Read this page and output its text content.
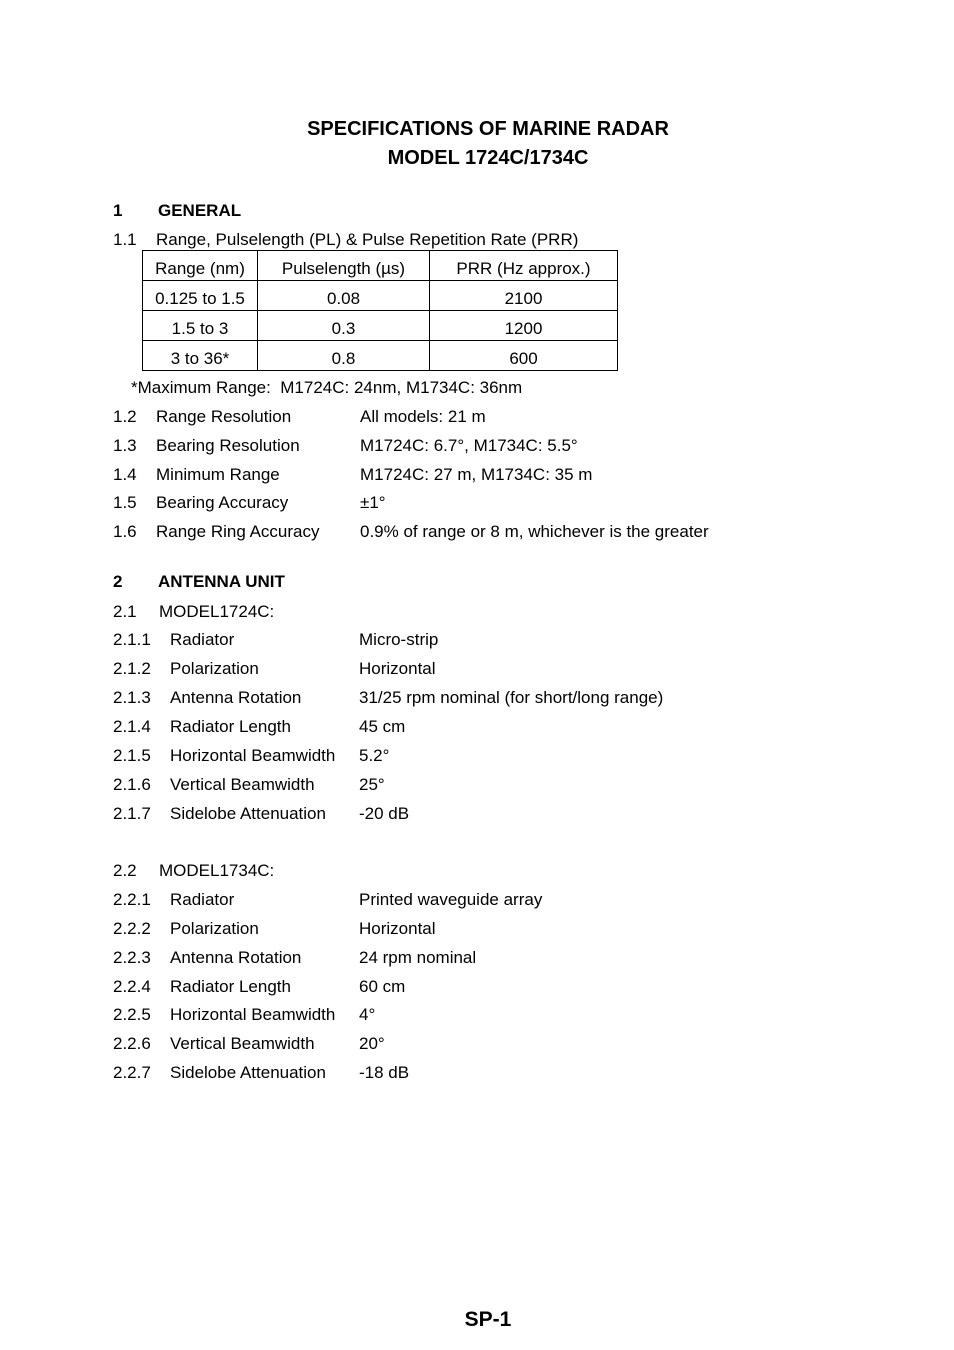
SPECIFICATIONS OF MARINE RADAR
MODEL 1724C/1734C
1 GENERAL
1.1 Range, Pulselength (PL) & Pulse Repetition Rate (PRR)
Range (nm)	Pulselength (µs)	PRR (Hz approx.)
0.125 to 1.5	0.08	2100
1.5 to 3	0.3	1200
3 to 36*	0.8	600
*Maximum Range:  M1724C: 24nm, M1734C: 36nm
1.2 Range Resolution	All models: 21 m
1.3 Bearing Resolution	M1724C: 6.7°, M1734C: 5.5°
1.4 Minimum Range	M1724C: 27 m, M1734C: 35 m
1.5 Bearing Accuracy	±1°
1.6 Range Ring Accuracy 0.9% of range or 8 m, whichever is the greater
2 ANTENNA UNIT
2.1 MODEL1724C:
2.1.1 Radiator	Micro-strip
2.1.2 Polarization	Horizontal
2.1.3 Antenna Rotation	31/25 rpm nominal (for short/long range)
2.1.4 Radiator Length	45 cm
2.1.5 Horizontal Beamwidth 5.2°
2.1.6 Vertical Beamwidth	25°
2.1.7 Sidelobe Attenuation -20 dB
2.2 MODEL1734C:
2.2.1 Radiator	Printed waveguide array
2.2.2 Polarization	Horizontal
2.2.3 Antenna Rotation	24 rpm nominal
2.2.4 Radiator Length	60 cm
2.2.5 Horizontal Beamwidth 4°
2.2.6 Vertical Beamwidth	20°
2.2.7 Sidelobe Attenuation -18 dB
SP-1
